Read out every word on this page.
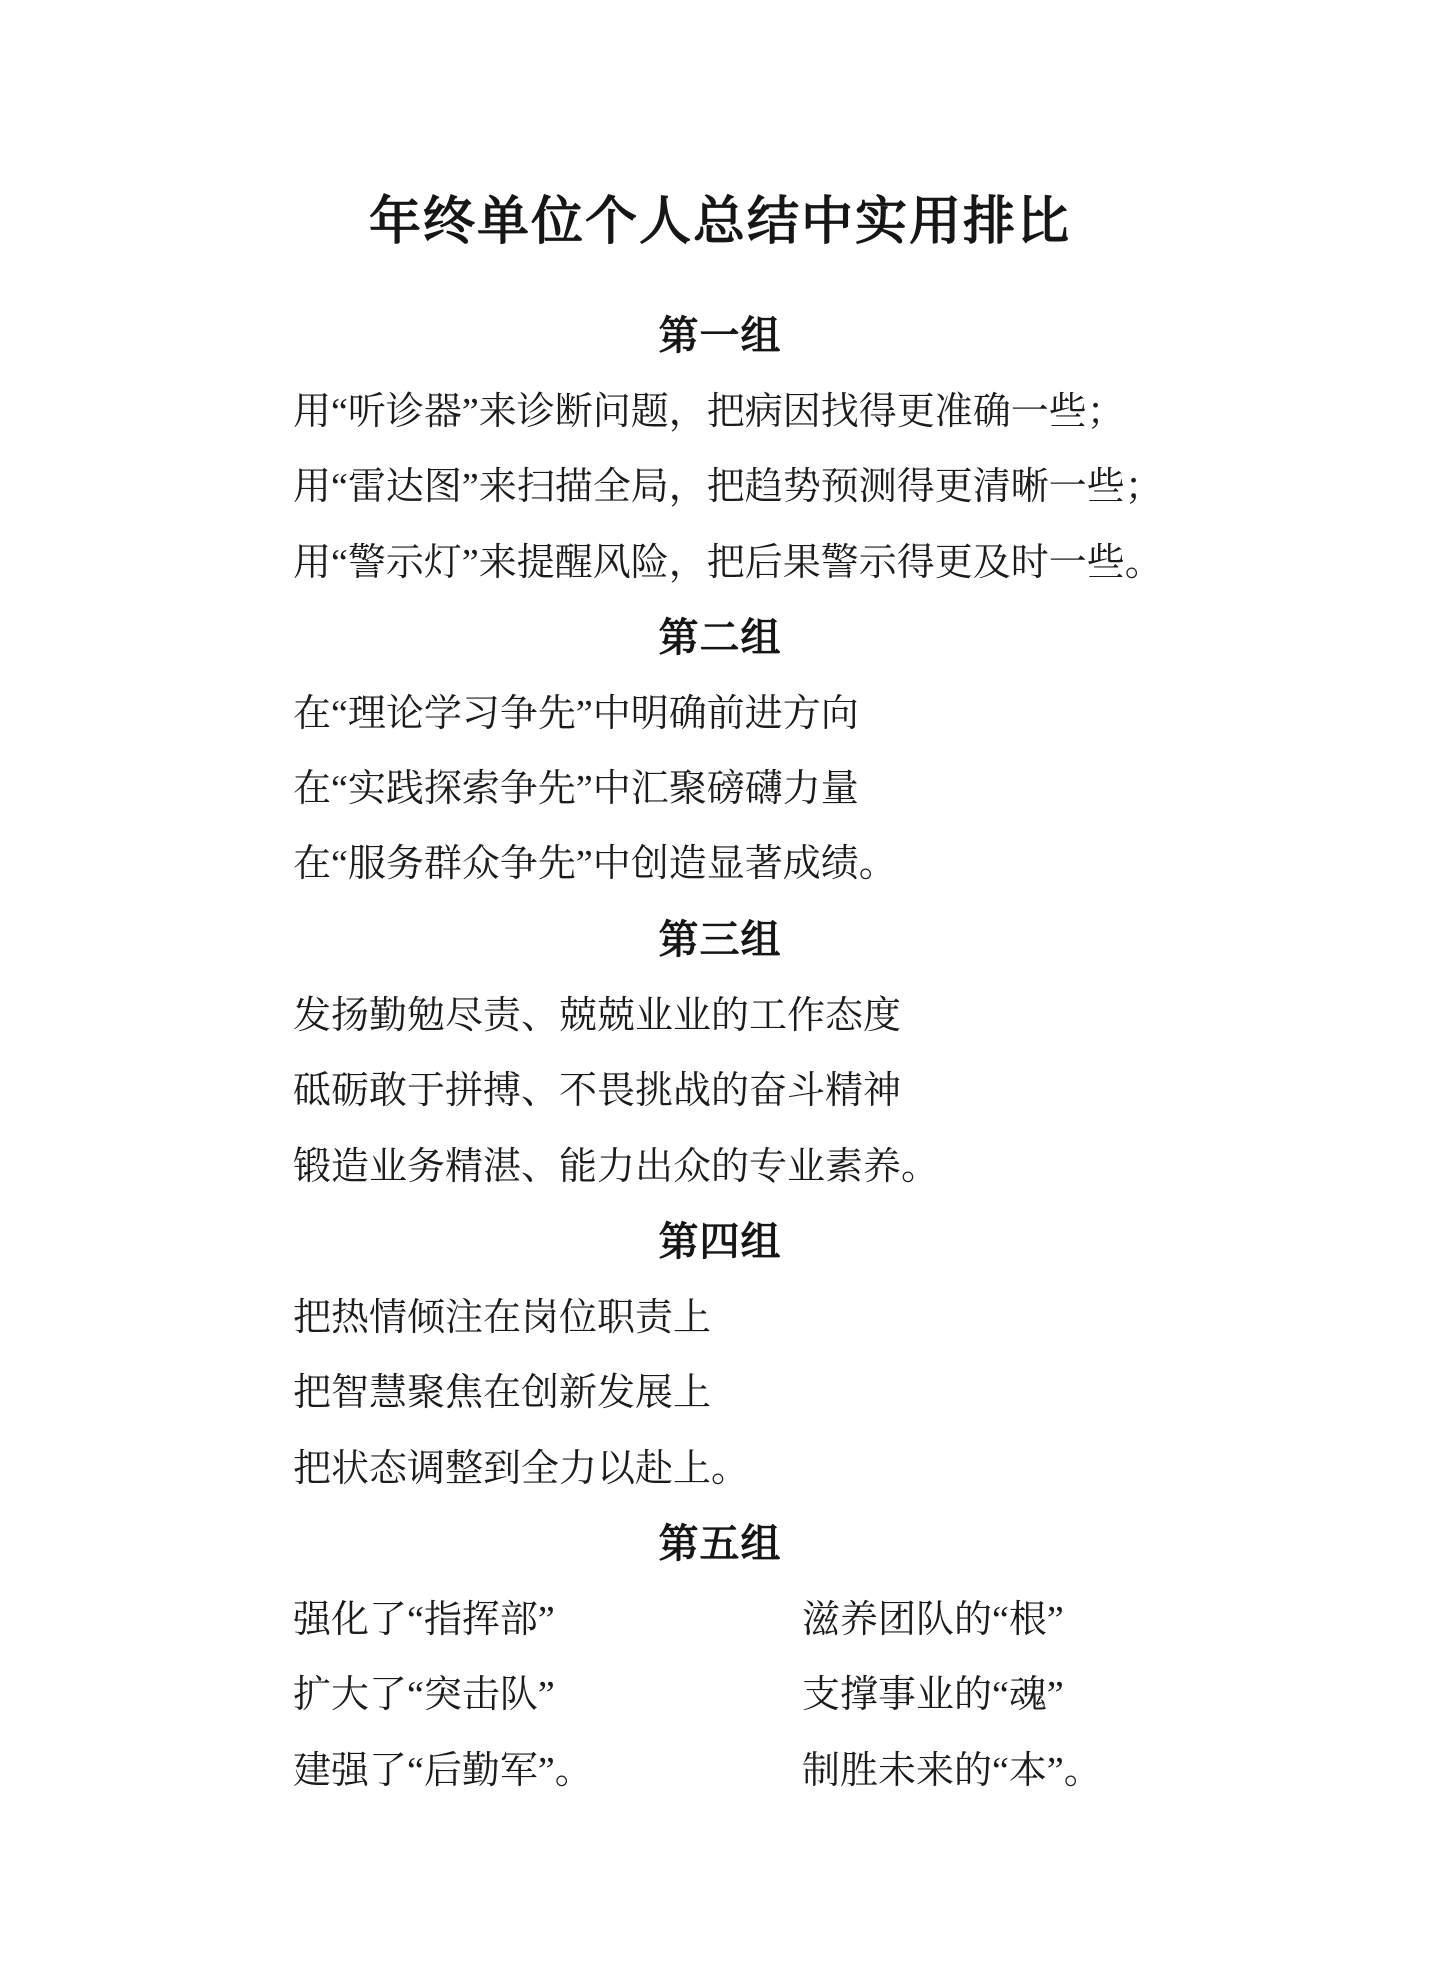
年终单位个人总结中实用排比
第一组
用“听诊器”来诊断问题，把病因找得更准确一些；
用“雷达图”来扫描全局，把趋势预测得更清晰一些；
用“警示灯”来提醒风险，把后果警示得更及时一些。
第二组
在“理论学习争先”中明确前进方向
在“实践探索争先”中汇聚磅礴力量
在“服务群众争先”中创造显著成绩。
第三组
发扬勤勉尽责、兢兢业业的工作态度
砥砺敢于拼搏、不畏挑战的奋斗精神
锻造业务精湛、能力出众的专业素养。
第四组
把热情倾注在岗位职责上
把智慧聚焦在创新发展上
把状态调整到全力以赴上。
第五组
强化了“指挥部”	滋养团队的“根”
扩大了“突击队”	支撑事业的“魂”
建强了“后勤军”。	制胜未来的“本”。
